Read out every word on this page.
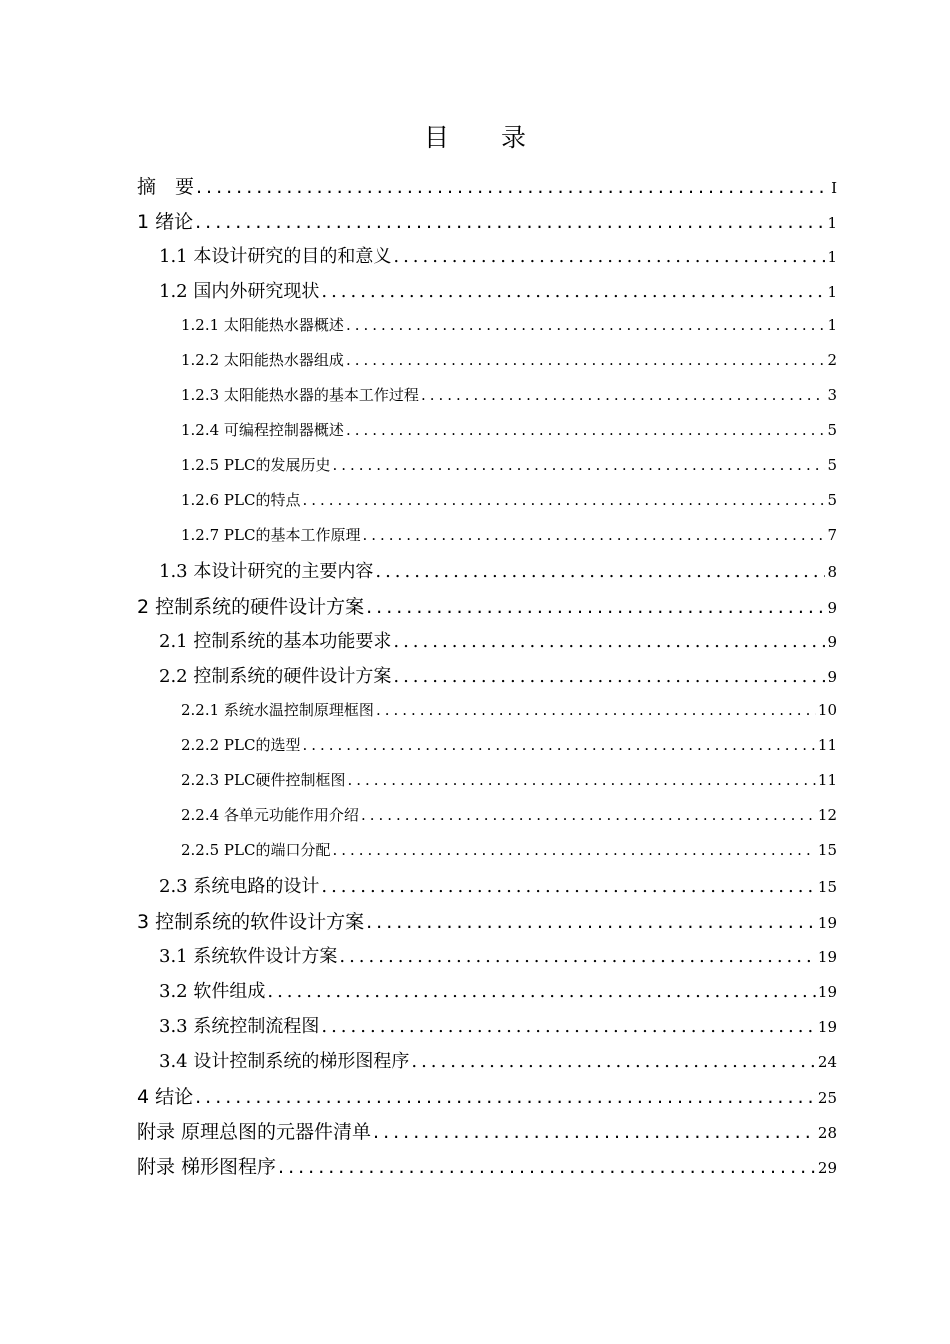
目 录
摘　要 .....	I
1 绪论 .....	1
1.1 本设计研究的目的和意义 .....	1
1.2 国内外研究现状 .....	1
1.2.1 太阳能热水器概述 .....	1
1.2.2 太阳能热水器组成 .....	2
1.2.3 太阳能热水器的基本工作过程 .....	3
1.2.4 可编程控制器概述 .....	5
1.2.5 PLC的发展历史 .....	5
1.2.6 PLC的特点 .....	5
1.2.7 PLC的基本工作原理 .....	7
1.3 本设计研究的主要内容 .....	8
2 控制系统的硬件设计方案 .....	9
2.1 控制系统的基本功能要求 .....	9
2.2 控制系统的硬件设计方案 .....	9
2.2.1 系统水温控制原理框图 .....	10
2.2.2 PLC的选型 .....	11
2.2.3 PLC硬件控制框图 .....	11
2.2.4 各单元功能作用介绍 .....	12
2.2.5 PLC的端口分配 .....	15
2.3 系统电路的设计 .....	15
3 控制系统的软件设计方案 .....	19
3.1 系统软件设计方案 .....	19
3.2 软件组成 .....	19
3.3 系统控制流程图 .....	19
3.4 设计控制系统的梯形图程序 .....	24
4 结论 .....	25
附录 原理总图的元器件清单 .....	28
附录 梯形图程序 .....	29
